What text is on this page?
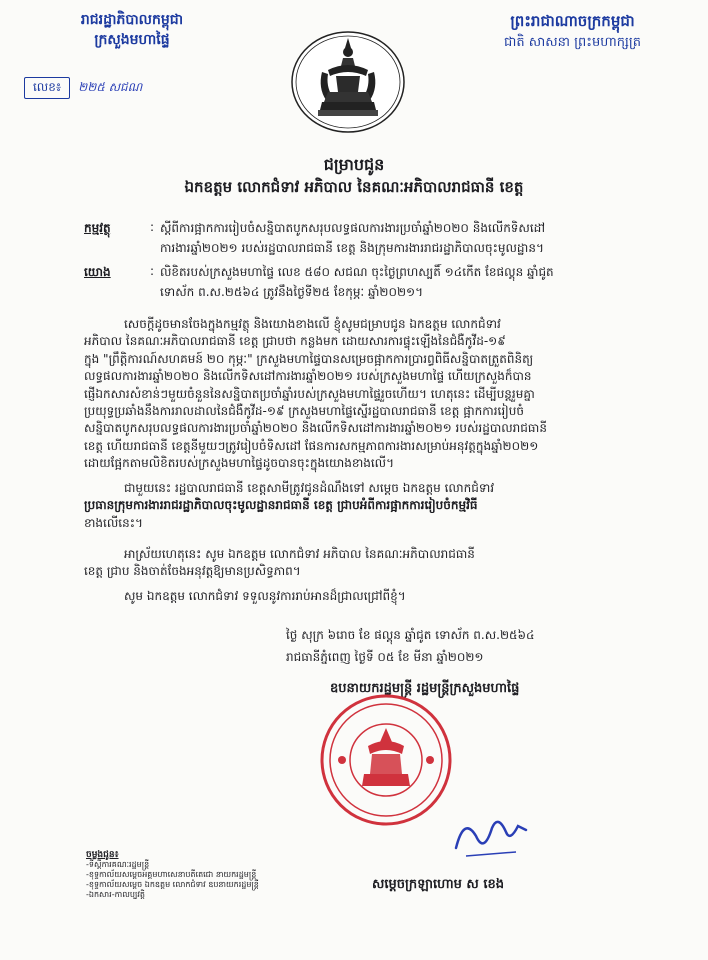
រាជរដ្ឋាភិបាលកម្ពុជា
ក្រសួងមហាផ្ទៃ
លេខ៖	២២៥ សជណ
ព្រះរាជាណាចក្រកម្ពុជា
ជាតិ សាសនា ព្រះមហាក្សត្រ
ជម្រាបជូន
ឯកឧត្តម លោកជំទាវ អភិបាល នៃគណៈអភិបាលរាជធានី ខេត្ត
កម្មវត្ថុ	: ស្តីពីការផ្អាកការរៀបចំសន្និបាតបូកសរុបលទ្ធផលការងារប្រចាំឆ្នាំ២០២០ និងលើកទិសដៅ
ការងារឆ្នាំ២០២១ របស់រដ្ឋបាលរាជធានី ខេត្ត និងក្រុមការងាររាជរដ្ឋាភិបាលចុះមូលដ្ឋាន។
យោង	: លិខិតរបស់ក្រសួងមហាផ្ទៃ លេខ ៥៨០ សជណ ចុះថ្ងៃព្រហស្បតិ៍ ១៤កើត ខែផល្គុន ឆ្នាំជូត
ទោស័ក ព.ស.២៥៦៤ ត្រូវនឹងថ្ងៃទី២៥ ខែកុម្ភៈ ឆ្នាំ២០២១។

សេចក្តីដូចមានចែងក្នុងកម្មវត្ថុ និងយោងខាងលើ ខ្ញុំសូមជម្រាបជូន ឯកឧត្តម លោកជំទាវ

អភិបាល នៃគណៈអភិបាលរាជធានី ខេត្ត ជ្រាបថា កន្លងមក ដោយសារការផ្ទុះឡើងនៃជំងឺកូវីដ-១៩

ក្នុង "ព្រឹត្តិការណ៍សហគមន៍ ២០ កុម្ភៈ" ក្រសួងមហាផ្ទៃបានសម្រេចផ្អាកការប្រារព្ធពិធីសន្និបាតត្រួតពិនិត្យ

លទ្ធផលការងារឆ្នាំ២០២០ និងលើកទិសដៅការងារឆ្នាំ២០២១ របស់ក្រសួងមហាផ្ទៃ ហើយក្រសួងក៏បាន

ផ្ញើឯកសារសំខាន់ៗមួយចំនួននៃសន្និបាតប្រចាំឆ្នាំរបស់ក្រសួងមហាផ្ទៃរួចហើយ។ ហេតុនេះ ដើម្បីបន្តរួមគ្នា

ប្រយុទ្ធប្រឆាំងនឹងការរាលដាលនៃជំងឺកូវីដ-១៩ ក្រសួងមហាផ្ទៃស្នើរដ្ឋបាលរាជធានី ខេត្ត ផ្អាកការរៀបចំ

សន្និបាតបូកសរុបលទ្ធផលការងារប្រចាំឆ្នាំ២០២០ និងលើកទិសដៅការងារឆ្នាំ២០២១ របស់រដ្ឋបាលរាជធានី

ខេត្ត ហើយរាជធានី ខេត្តនីមួយៗត្រូវរៀបចំទិសដៅ ផែនការសកម្មភាពការងារសម្រាប់អនុវត្តក្នុងឆ្នាំ២០២១

ដោយផ្អែកតាមលិខិតរបស់ក្រសួងមហាផ្ទៃដូចបានចុះក្នុងយោងខាងលើ។

ជាមួយនេះ រដ្ឋបាលរាជធានី ខេត្តសាមីត្រូវជូនដំណឹងទៅ សម្តេច ឯកឧត្តម លោកជំទាវ

ប្រធានក្រុមការងាររាជរដ្ឋាភិបាលចុះមូលដ្ឋានរាជធានី ខេត្ត ជ្រាបអំពីការផ្អាកការរៀបចំកម្មវិធី

ខាងលើនេះ។

អាស្រ័យហេតុនេះ សូម ឯកឧត្តម លោកជំទាវ អភិបាល នៃគណៈអភិបាលរាជធានី

ខេត្ត ជ្រាប និងចាត់ចែងអនុវត្តឱ្យមានប្រសិទ្ធភាព។

សូម ឯកឧត្តម លោកជំទាវ ទទួលនូវការរាប់អានដ៏ជ្រាលជ្រៅពីខ្ញុំ។

ថ្ងៃ សុក្រ ៦រោច ខែ ផល្គុន ឆ្នាំជូត ទោស័ក ព.ស.២៥៦៤
រាជធានីភ្នំពេញ ថ្ងៃទី ០៥ ខែ មីនា ឆ្នាំ២០២១
ឧបនាយករដ្ឋមន្ត្រី រដ្ឋមន្ត្រីក្រសួងមហាផ្ទៃ
សម្តេចក្រឡាហោម ស ខេង
ចម្លងជូន៖
-ទីស្តីការគណៈរដ្ឋមន្ត្រី
-ខុទ្ទកាល័យសម្តេចអគ្គមហាសេនាបតីតេជោ នាយករដ្ឋមន្ត្រី
-ខុទ្ទកាល័យសម្តេច ឯកឧត្តម លោកជំទាវ ឧបនាយករដ្ឋមន្ត្រី
-ឯកសារ-កាលប្បវត្តិ
